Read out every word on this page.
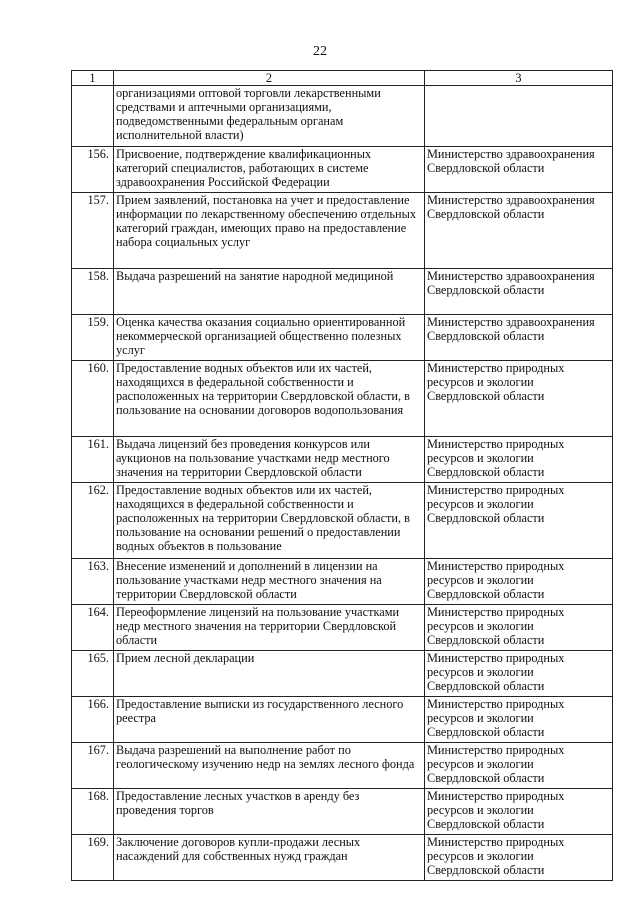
22
1	2	3
	организациями оптовой торговли лекарственными средствами и аптечными организациями, подведомственными федеральным органам исполнительной власти)	
156.	Присвоение, подтверждение квалификационных категорий специалистов, работающих в системе здравоохранения Российской Федерации	Министерство здравоохранения Свердловской области
157.	Прием заявлений, постановка на учет и предоставление информации по лекарственному обеспечению отдельных категорий граждан, имеющих право на предоставление набора социальных услуг	Министерство здравоохранения Свердловской области
158.	Выдача разрешений на занятие народной медициной	Министерство здравоохранения Свердловской области
159.	Оценка качества оказания социально ориентированной некоммерческой организацией общественно полезных услуг	Министерство здравоохранения Свердловской области
160.	Предоставление водных объектов или их частей, находящихся в федеральной собственности и расположенных на территории Свердловской области, в пользование на основании договоров водопользования	Министерство природных ресурсов и экологии Свердловской области
161.	Выдача лицензий без проведения конкурсов или аукционов на пользование участками недр местного значения на территории Свердловской области	Министерство природных ресурсов и экологии Свердловской области
162.	Предоставление водных объектов или их частей, находящихся в федеральной собственности и расположенных на территории Свердловской области, в пользование на основании решений о предоставлении водных объектов в пользование	Министерство природных ресурсов и экологии Свердловской области
163.	Внесение изменений и дополнений в лицензии на пользование участками недр местного значения на территории Свердловской области	Министерство природных ресурсов и экологии Свердловской области
164.	Переоформление лицензий на пользование участками недр местного значения на территории Свердловской области	Министерство природных ресурсов и экологии Свердловской области
165.	Прием лесной декларации	Министерство природных ресурсов и экологии Свердловской области
166.	Предоставление выписки из государственного лесного реестра	Министерство природных ресурсов и экологии Свердловской области
167.	Выдача разрешений на выполнение работ по геологическому изучению недр на землях лесного фонда	Министерство природных ресурсов и экологии Свердловской области
168.	Предоставление лесных участков в аренду без проведения торгов	Министерство природных ресурсов и экологии Свердловской области
169.	Заключение договоров купли-продажи лесных насаждений для собственных нужд граждан	Министерство природных ресурсов и экологии Свердловской области
